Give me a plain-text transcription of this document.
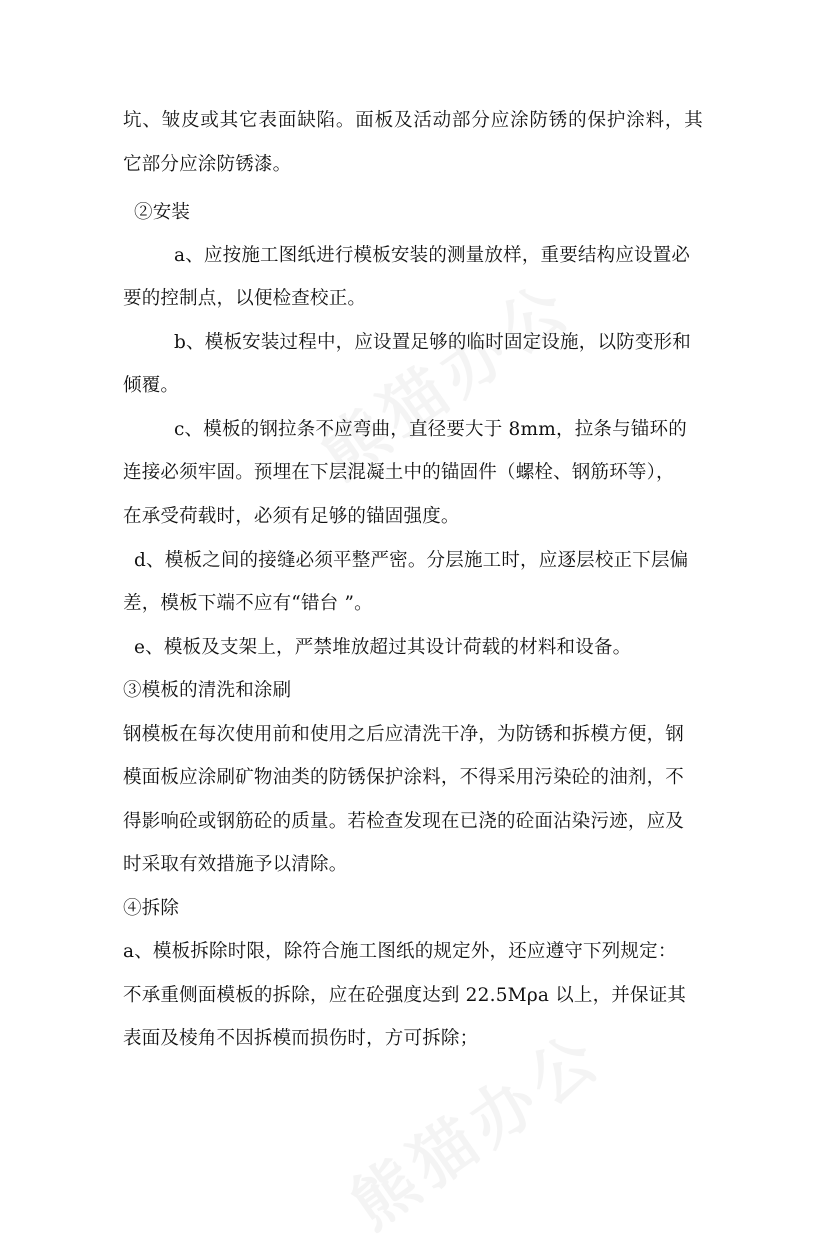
坑、皱皮或其它表面缺陷。面板及活动部分应涂防锈的保护涂料，其
它部分应涂防锈漆。
②安装
a、应按施工图纸进行模板安装的测量放样，重要结构应设置必
要的控制点，以便检查校正。
b、模板安装过程中，应设置足够的临时固定设施，以防变形和
倾覆。
c、模板的钢拉条不应弯曲，直径要大于 8mm，拉条与锚环的
连接必须牢固。预埋在下层混凝土中的锚固件（螺栓、钢筋环等），
在承受荷载时，必须有足够的锚固强度。
d、模板之间的接缝必须平整严密。分层施工时，应逐层校正下层偏
差，模板下端不应有“错台 ”。
e、模板及支架上，严禁堆放超过其设计荷载的材料和设备。
③模板的清洗和涂刷
钢模板在每次使用前和使用之后应清洗干净，为防锈和拆模方便，钢
模面板应涂刷矿物油类的防锈保护涂料，不得采用污染砼的油剂，不
得影响砼或钢筋砼的质量。若检查发现在已浇的砼面沾染污迹，应及
时采取有效措施予以清除。
④拆除
a、模板拆除时限，除符合施工图纸的规定外，还应遵守下列规定：
不承重侧面模板的拆除，应在砼强度达到 22.5Mρa 以上，并保证其
表面及棱角不因拆模而损伤时，方可拆除；
